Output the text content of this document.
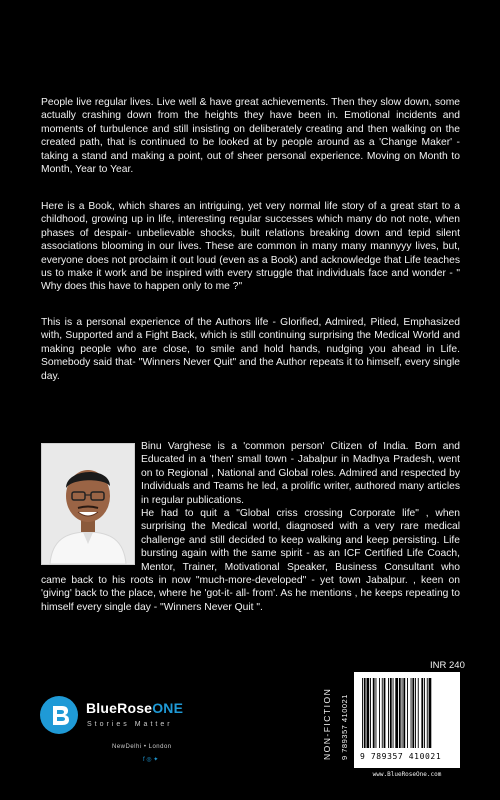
People live regular lives. Live well & have great achievements. Then they slow down, some actually crashing down from the heights they have been in. Emotional incidents and moments of turbulence and still insisting on deliberately creating and then walking on the created path, that is continued to be looked at by people around as a 'Change Maker' - taking a stand and making a point, out of sheer personal experience. Moving on Month to Month, Year to Year.

Here is a Book, which shares an intriguing, yet very normal life story of a great start to a childhood, growing up in life, interesting regular successes which many do not note, when phases of despair- unbelievable shocks, built relations breaking down and tepid silent associations blooming in our lives. These are common in many many mannyyy lives, but, everyone does not proclaim it out loud (even as a Book) and acknowledge that Life teaches us to make it work and be inspired with every struggle that individuals face and wonder - " Why does this have to happen only to me ?"

This is a personal experience of the Authors life - Glorified, Admired, Pitied, Emphasized with, Supported and a Fight Back, which is still continuing surprising the Medical World and making people who are close, to smile and hold hands, nudging you ahead in Life. Somebody said that- "Winners Never Quit" and the Author repeats it to himself, every single day.

Binu Varghese is a 'common person' Citizen of India. Born and Educated in a 'then' small town - Jabalpur in Madhya Pradesh, went on to Regional , National and Global roles. Admired and respected by Individuals and Teams he led, a prolific writer, authored many articles in regular publications.
He had to quit a "Global criss crossing Corporate life" , when surprising the Medical world, diagnosed with a very rare medical challenge and still decided to keep walking and keep persisting. Life bursting again with the same spirit - as an ICF Certified Life Coach, Mentor, Trainer, Motivational Speaker, Business Consultant who came back to his roots in now "much-more-developed" - yet town Jabalpur. , keen on 'giving' back to the place, where he 'got-it- all- from'. As he mentions , he keeps repeating to himself every single day - "Winners Never Quit ".

BlueRoseONE
Stories Matter
NewDelhi • London
f ◎ ✦	NON-FICTION 9 789357 410021
INR 240
9 789357 410021
www.BlueRoseOne.com
